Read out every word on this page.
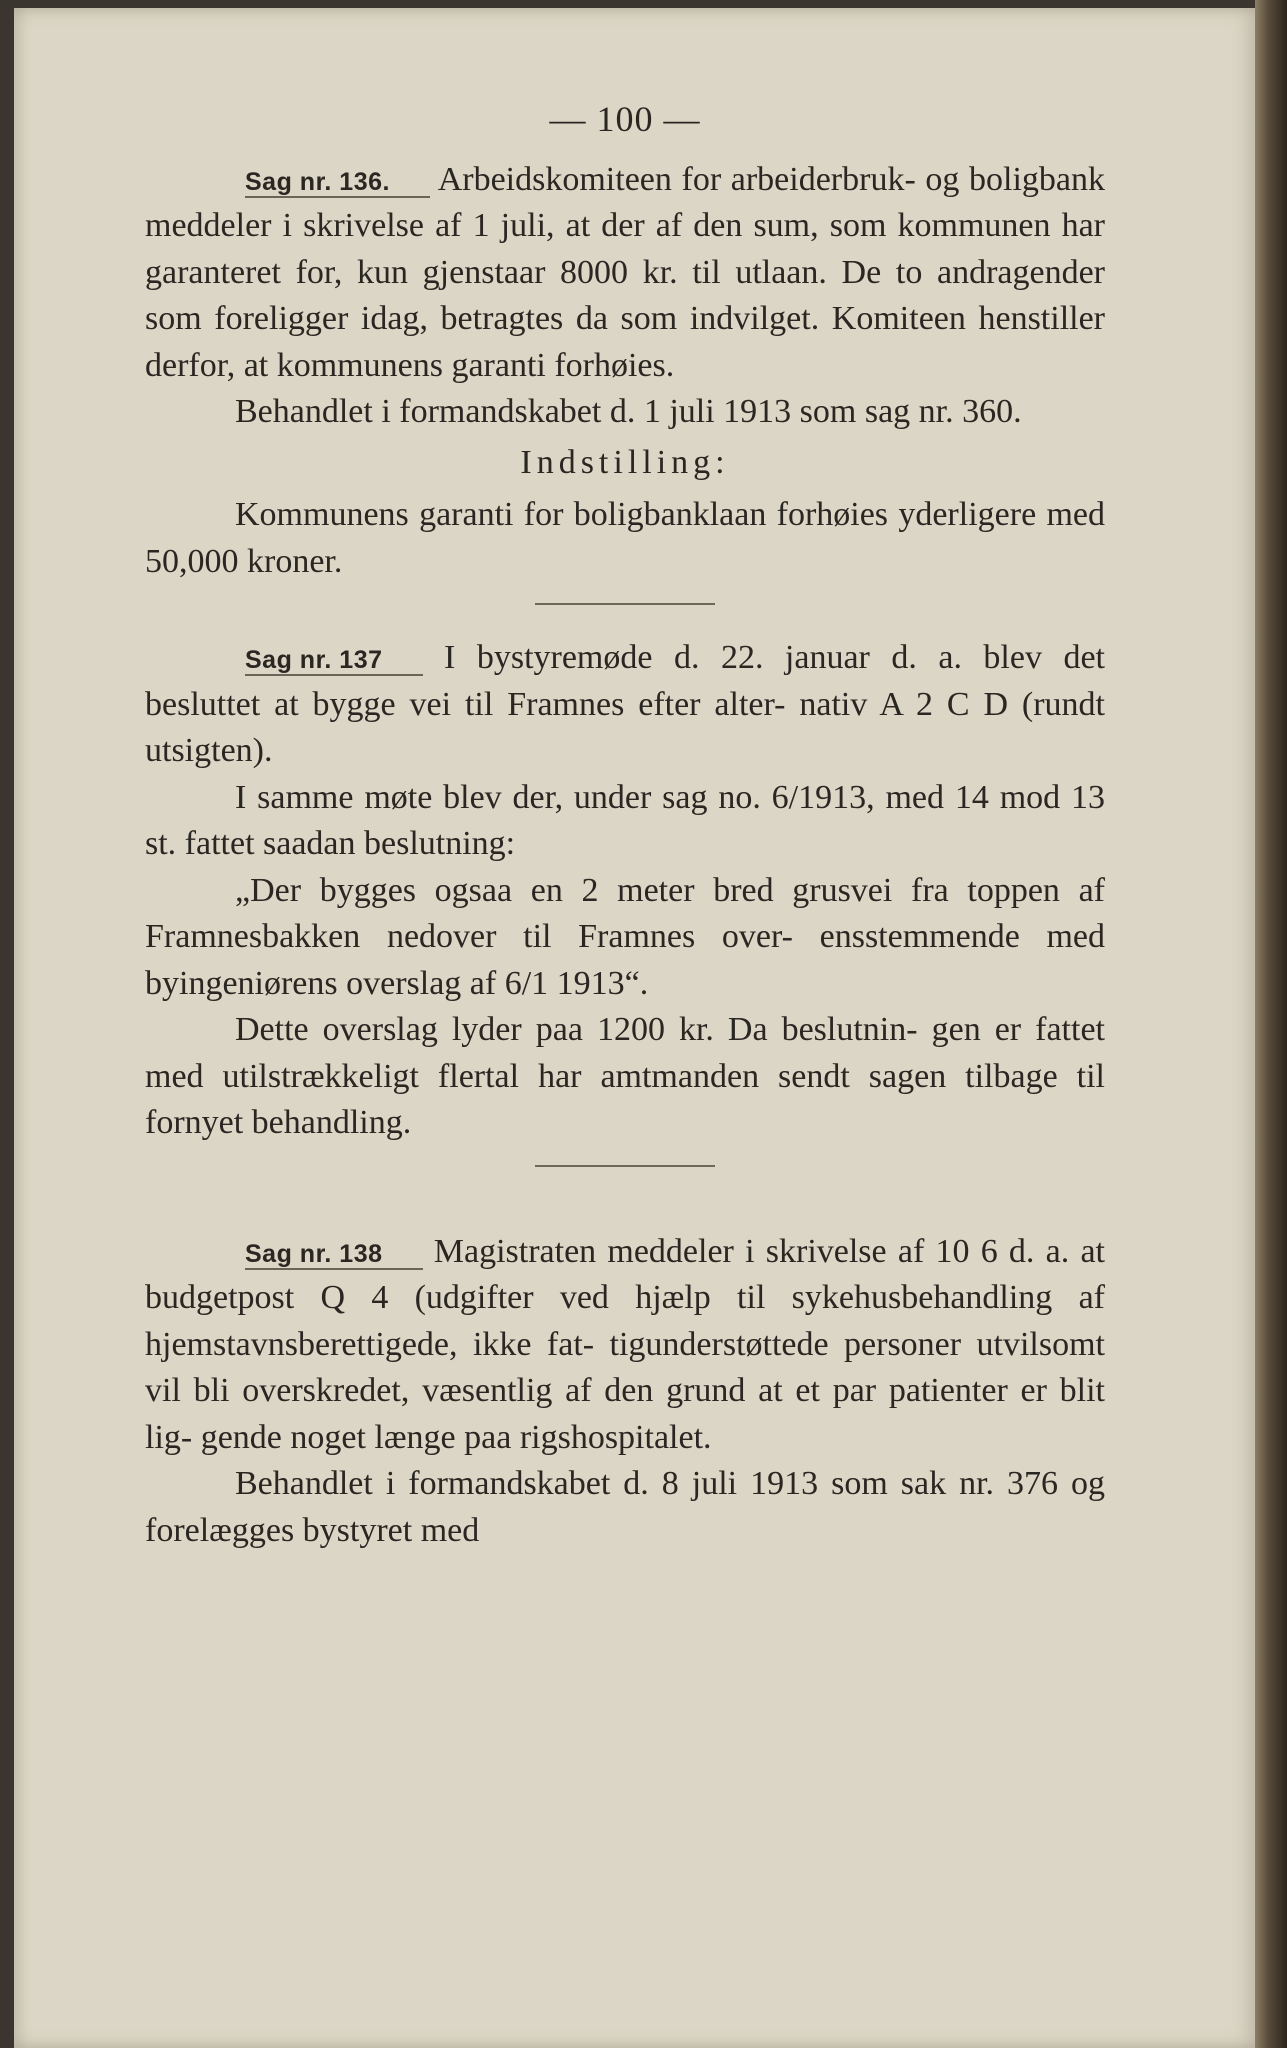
— 100 —

Sag nr. 136. Arbeidskomiteen for arbeiderbruk- og boligbank meddeler i skrivelse af 1 juli, at der af den sum, som kommunen har garanteret for, kun gjenstaar 8000 kr. til utlaan. De to andragender som foreligger idag, betragtes da som indvilget. Komiteen henstiller derfor, at kommunens garanti forhøies.

Behandlet i formandskabet d. 1 juli 1913 som sag nr. 360.

Indstilling:

Kommunens garanti for boligbanklaan forhøies yderligere med 50,000 kroner.

Sag nr. 137 I bystyremøde d. 22. januar d. a. blev det besluttet at bygge vei til Framnes efter alter- nativ A 2 C D (rundt utsigten).

I samme møte blev der, under sag no. 6/1913, med 14 mod 13 st. fattet saadan beslutning:

„Der bygges ogsaa en 2 meter bred grusvei fra toppen af Framnesbakken nedover til Framnes over- ensstemmende med byingeniørens overslag af 6/1 1913“.

Dette overslag lyder paa 1200 kr. Da beslutnin- gen er fattet med utilstrækkeligt flertal har amtmanden sendt sagen tilbage til fornyet behandling.

Sag nr. 138 Magistraten meddeler i skrivelse af 10 6 d. a. at budgetpost Q 4 (udgifter ved hjælp til sykehusbehandling af hjemstavnsberettigede, ikke fat- tigunderstøttede personer utvilsomt vil bli overskredet, væsentlig af den grund at et par patienter er blit lig- gende noget længe paa rigshospitalet.

Behandlet i formandskabet d. 8 juli 1913 som sak nr. 376 og forelægges bystyret med
